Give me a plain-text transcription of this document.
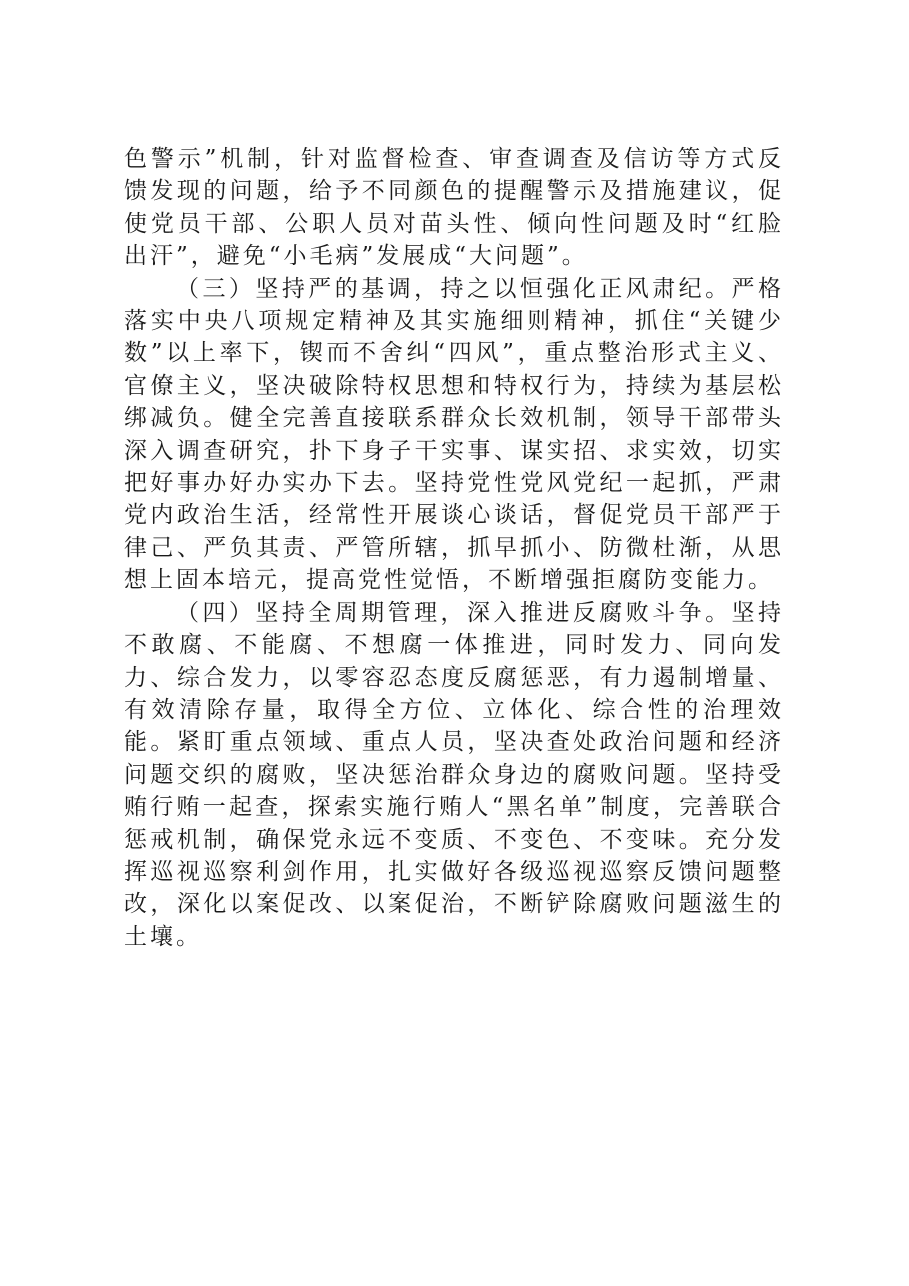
色警示”机制，针对监督检查、审查调查及信访等方式反馈发现的问题，给予不同颜色的提醒警示及措施建议，促使党员干部、公职人员对苗头性、倾向性问题及时“红脸出汗”，避免“小毛病”发展成“大问题”。

（三）坚持严的基调，持之以恒强化正风肃纪。严格落实中央八项规定精神及其实施细则精神，抓住“关键少数”以上率下，锲而不舍纠“四风”，重点整治形式主义、官僚主义，坚决破除特权思想和特权行为，持续为基层松绑减负。健全完善直接联系群众长效机制，领导干部带头深入调查研究，扑下身子干实事、谋实招、求实效，切实把好事办好办实办下去。坚持党性党风党纪一起抓，严肃党内政治生活，经常性开展谈心谈话，督促党员干部严于律己、严负其责、严管所辖，抓早抓小、防微杜渐，从思想上固本培元，提高党性觉悟，不断增强拒腐防变能力。

（四）坚持全周期管理，深入推进反腐败斗争。坚持不敢腐、不能腐、不想腐一体推进，同时发力、同向发力、综合发力，以零容忍态度反腐惩恶，有力遏制增量、有效清除存量，取得全方位、立体化、综合性的治理效能。紧盯重点领域、重点人员，坚决查处政治问题和经济问题交织的腐败，坚决惩治群众身边的腐败问题。坚持受贿行贿一起查，探索实施行贿人“黑名单”制度，完善联合惩戒机制，确保党永远不变质、不变色、不变味。充分发挥巡视巡察利剑作用，扎实做好各级巡视巡察反馈问题整改，深化以案促改、以案促治，不断铲除腐败问题滋生的土壤。
